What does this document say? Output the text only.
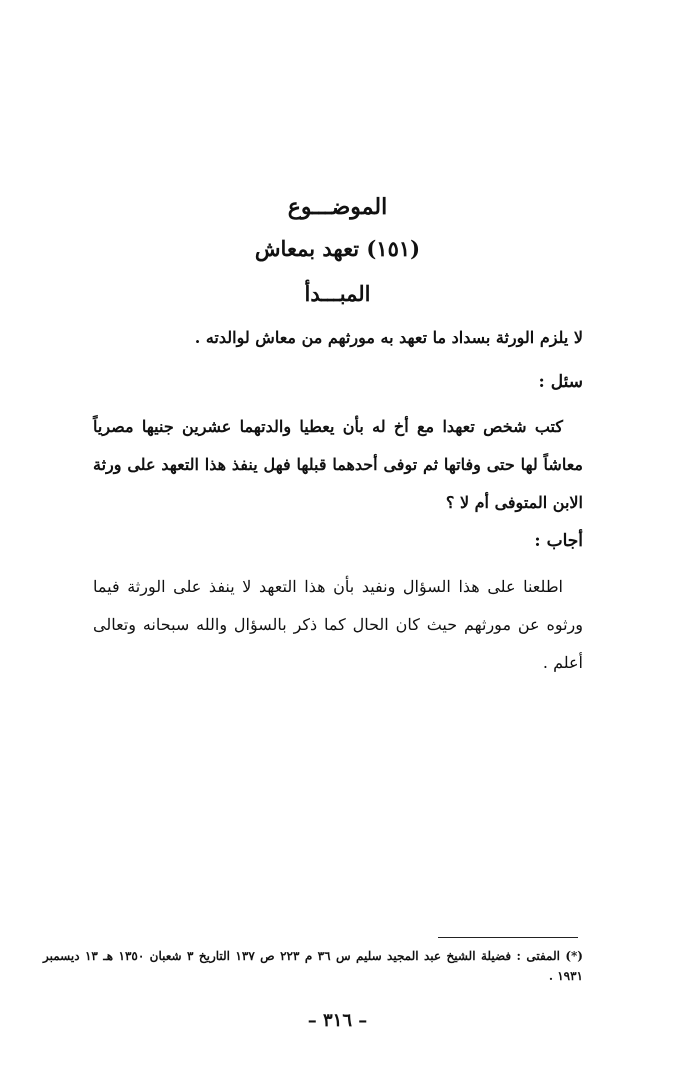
الموضـــوع
(١٥١) تعهد بمعاش
المبـــدأ
لا يلزم الورثة بسداد ما تعهد به مورثهم من معاش لوالدته .
سئل :
كتب شخص تعهدا مع أخ له بأن يعطيا والدتهما عشرين جنيها مصرياً معاشاً لها حتى وفاتها ثم توفى أحدهما قبلها فهل ينفذ هذا التعهد على ورثة الابن المتوفى أم لا ؟
أجاب :
اطلعنا على هذا السؤال ونفيد بأن هذا التعهد لا ينفذ على الورثة فيما ورثوه عن مورثهم حيث كان الحال كما ذكر بالسؤال والله سبحانه وتعالى أعلم .
(*) المفتى : فضيلة الشيخ عبد المجيد سليم س ٣٦ م ٢٢٣ ص ١٣٧ التاريخ ٣ شعبان ١٣٥٠ هـ ١٣ ديسمبر ١٩٣١ .
– ٣١٦ –
